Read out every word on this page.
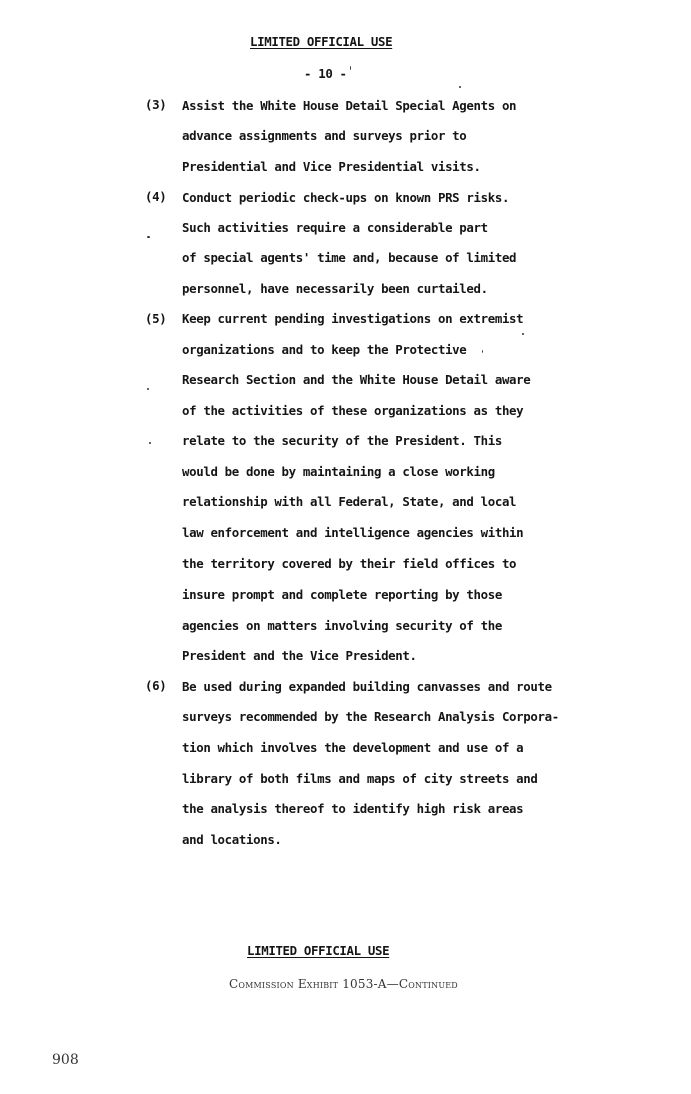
LIMITED OFFICIAL USE
- 10 -
(3) Assist the White House Detail Special Agents on
advance assignments and surveys prior to
Presidential and Vice Presidential visits.
(4) Conduct periodic check-ups on known PRS risks.
Such activities require a considerable part
of special agents' time and, because of limited
personnel, have necessarily been curtailed.
(5) Keep current pending investigations on extremist
organizations and to keep the Protective
Research Section and the White House Detail aware
of the activities of these organizations as they
relate to the security of the President. This
would be done by maintaining a close working
relationship with all Federal, State, and local
law enforcement and intelligence agencies within
the territory covered by their field offices to
insure prompt and complete reporting by those
agencies on matters involving security of the
President and the Vice President.
(6) Be used during expanded building canvasses and route
surveys recommended by the Research Analysis Corpora-
tion which involves the development and use of a
library of both films and maps of city streets and
the analysis thereof to identify high risk areas
and locations.
LIMITED OFFICIAL USE
Commission Exhibit 1053-A—Continued
908
